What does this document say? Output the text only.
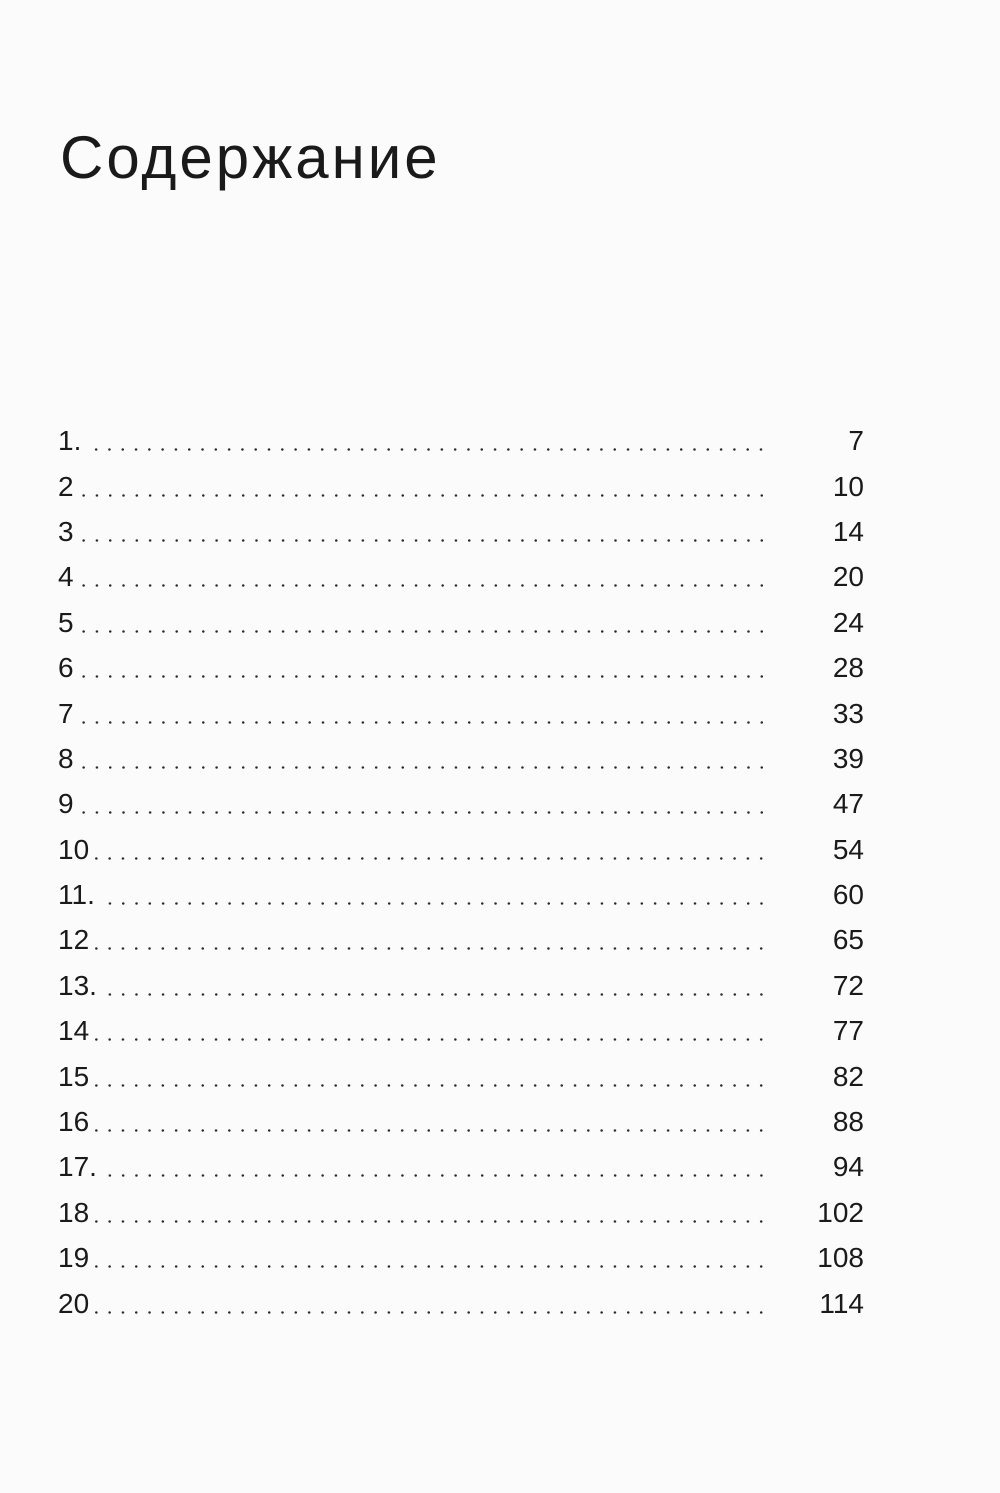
Содержание
1.	7
2	10
3	14
4	20
5	24
6	28
7	33
8	39
9	47
10	54
11.	60
12	65
13.	72
14	77
15	82
16	88
17.	94
18	102
19	108
20	114
